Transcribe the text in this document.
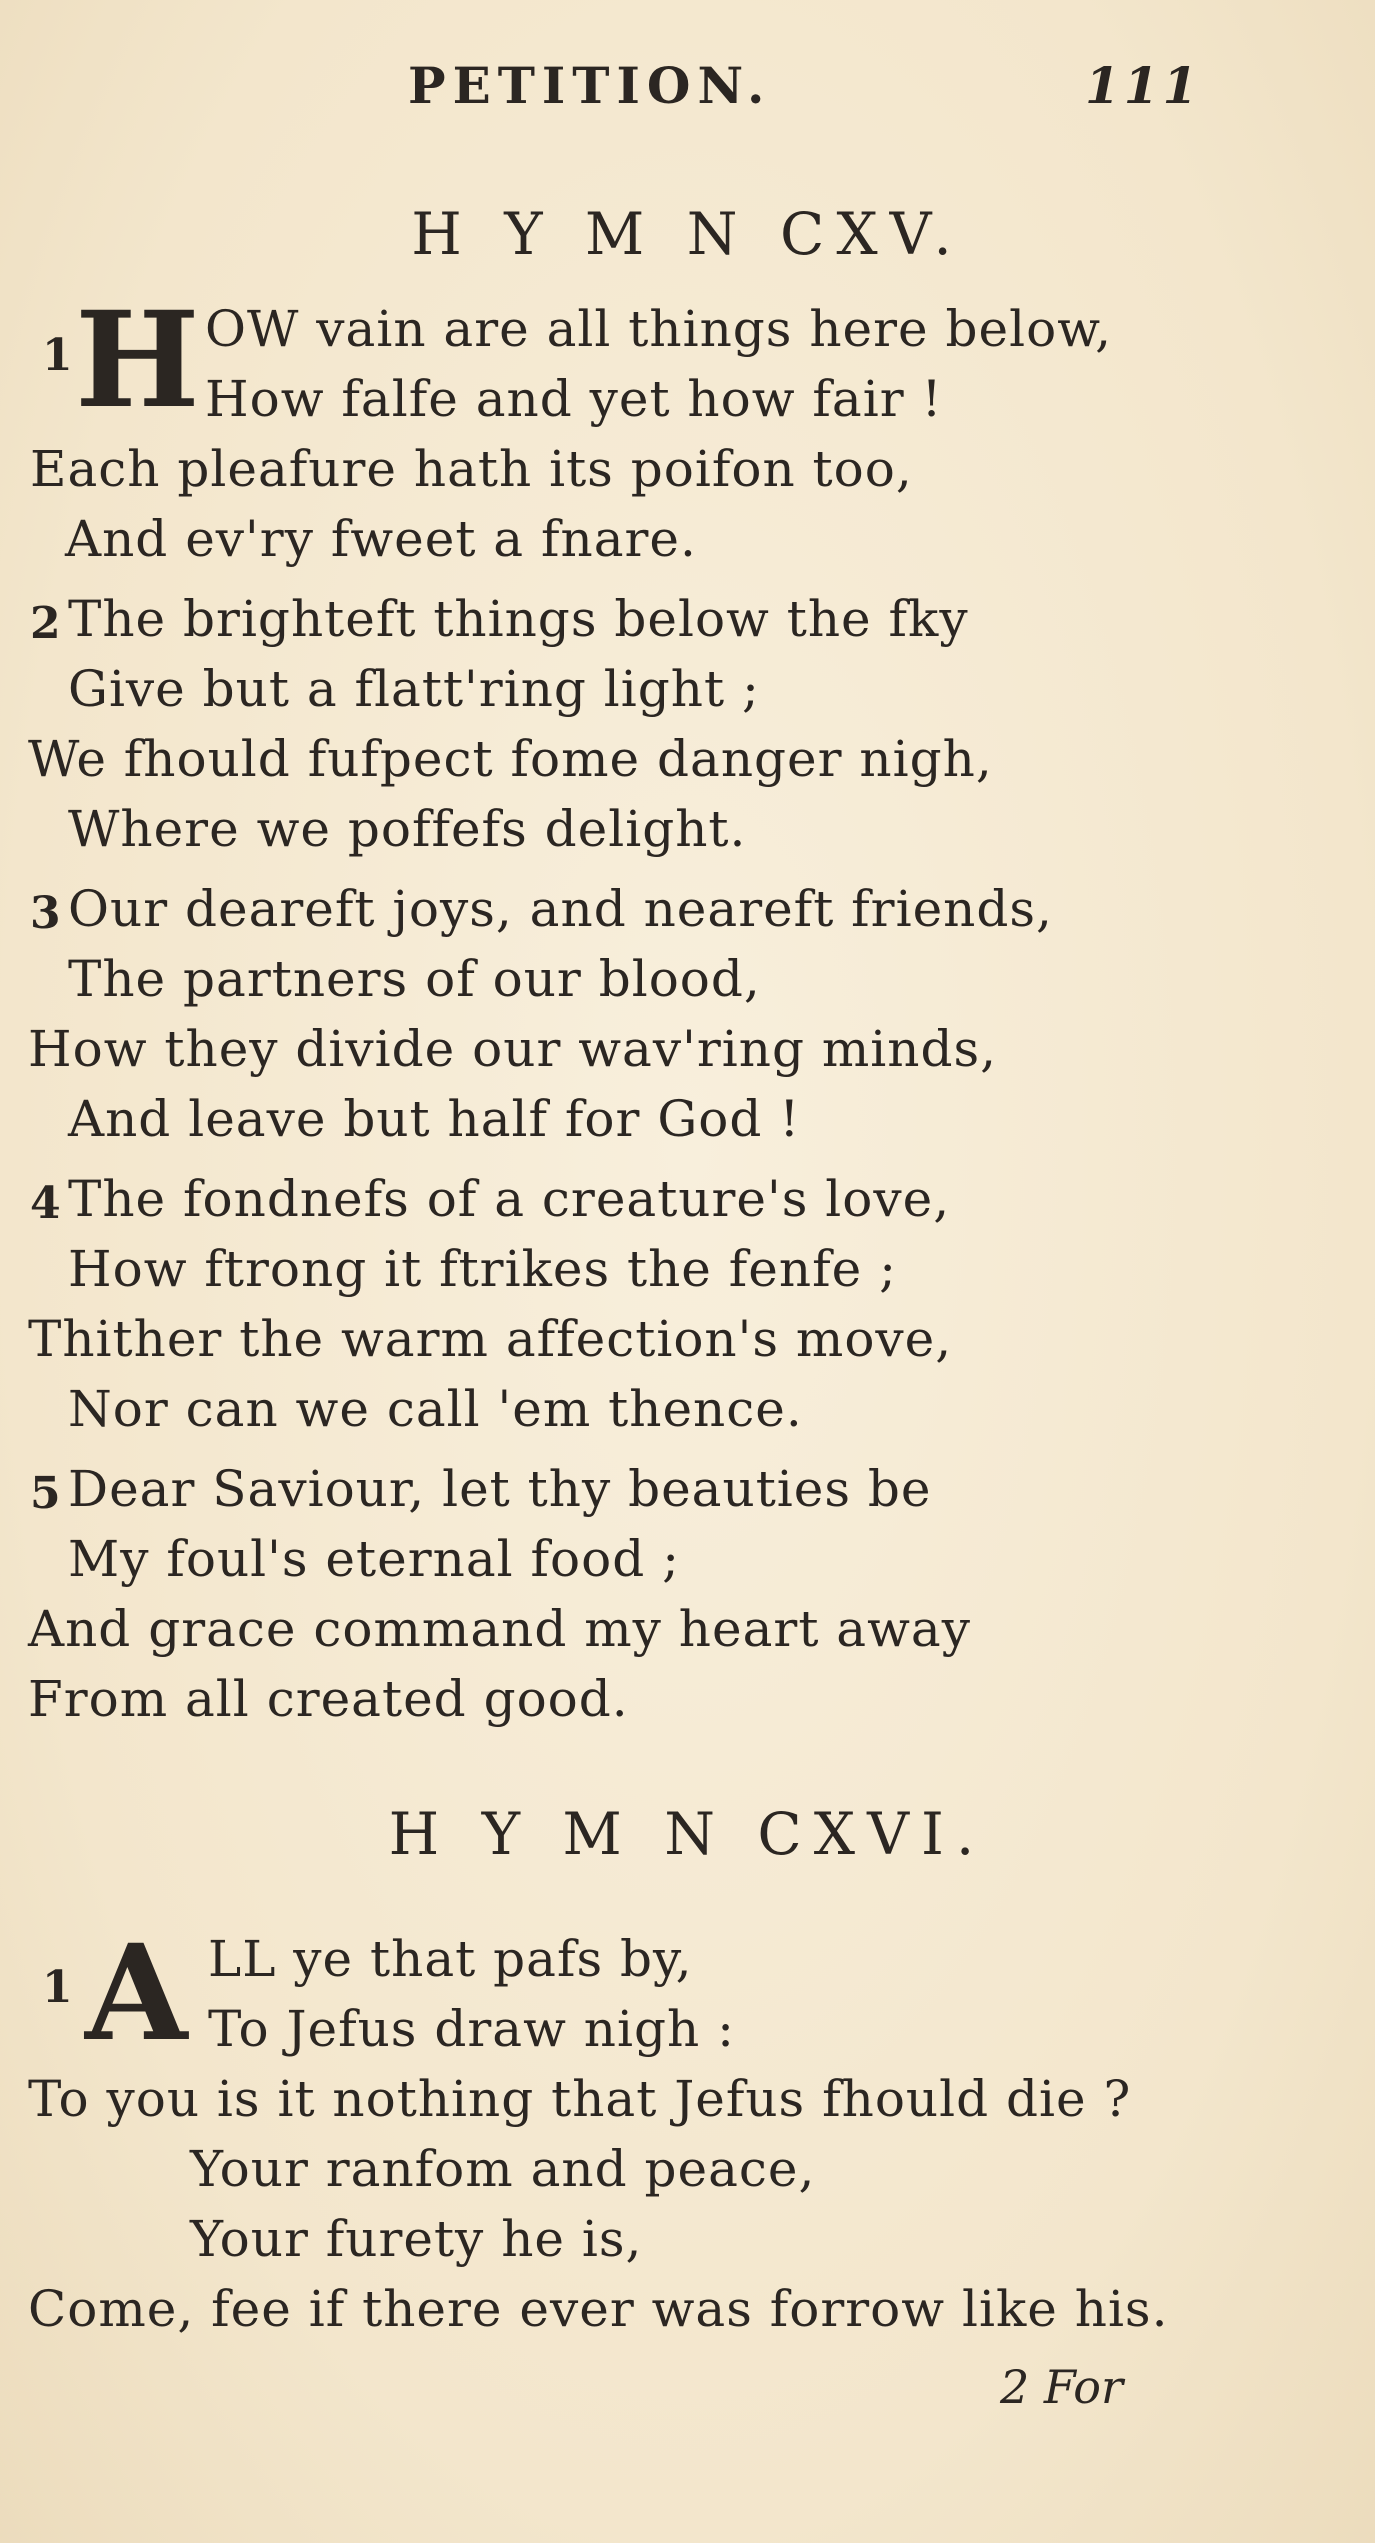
PETITION.	111
H Y M N CXV.
1 H OW vain are all things here below,
How falfe and yet how fair !
Each pleafure hath its poifon too,
And ev'ry fweet a fnare.
2 The brighteft things below the fky
Give but a flatt'ring light ;
We fhould fufpect fome danger nigh,
Where we poffefs delight.
3 Our deareft joys, and neareft friends,
The partners of our blood,
How they divide our wav'ring minds,
And leave but half for God !
4 The fondnefs of a creature's love,
How ftrong it ftrikes the fenfe ;
Thither the warm affection's move,
Nor can we call 'em thence.
5 Dear Saviour, let thy beauties be
My foul's eternal food ;
And grace command my heart away
From all created good.
H Y M N CXVI.
1 A LL ye that pafs by,
To Jefus draw nigh :
To you is it nothing that Jefus fhould die ?
Your ranfom and peace,
Your furety he is,
Come, fee if there ever was forrow like his.
2 For
